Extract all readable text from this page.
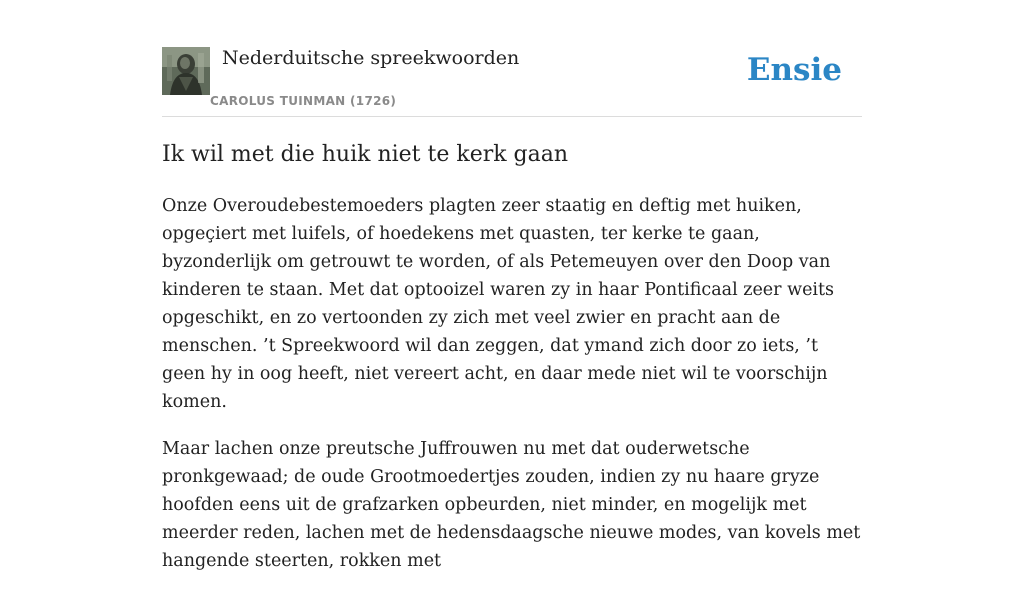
Nederduitsche spreekwoorden
CAROLUS TUINMAN (1726)
Ensie
Ik wil met die huik niet te kerk gaan

Onze Overoudebestemoeders plagten zeer staatig en deftig met huiken, opgeçiert met luifels, of hoedekens met quasten, ter kerke te gaan, byzonderlijk om getrouwt te worden, of als Petemeuyen over den Doop van kinderen te staan. Met dat optooizel waren zy in haar Pontificaal zeer weits opgeschikt, en zo vertoonden zy zich met veel zwier en pracht aan de menschen. ’t Spreekwoord wil dan zeggen, dat ymand zich door zo iets, ’t geen hy in oog heeft, niet vereert acht, en daar mede niet wil te voorschijn komen.

Maar lachen onze preutsche Juffrouwen nu met dat ouderwetsche pronkgewaad; de oude Grootmoedertjes zouden, indien zy nu haare gryze hoofden eens uit de grafzarken opbeurden, niet minder, en mogelijk met meerder reden, lachen met de hedensdaagsche nieuwe modes, van kovels met hangende steerten, rokken met
